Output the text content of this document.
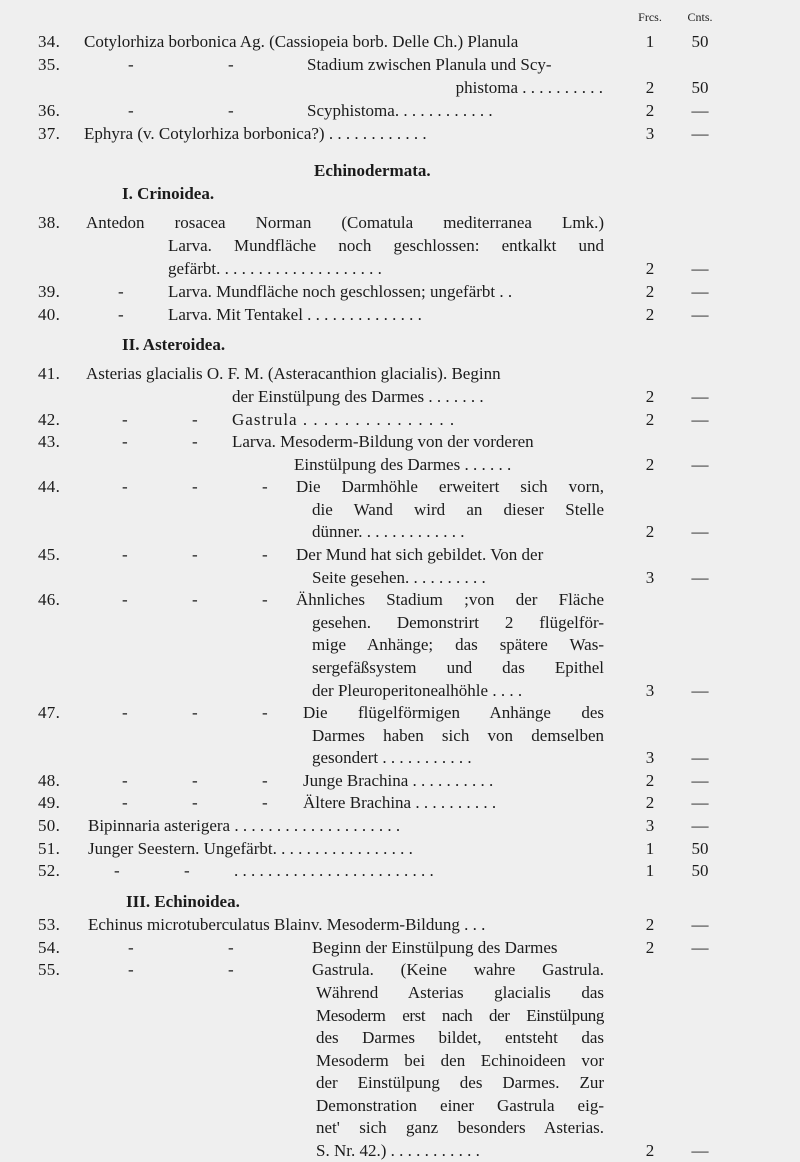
Frcs.	Cnts.
34. Cotylorhiza borbonica Ag. (Cassiopeia borb. Delle Ch.) Planula	1	50
35.	-	-	Stadium zwischen Planula und Scy-
phistoma . . . . . . . . . .	2	50
36.	-	-	Scyphistoma. . . . . . . . . . . .	2	—
37. Ephyra (v. Cotylorhiza borbonica?) . . . . . . . . . . . .	3	—
Echinodermata.
I. Crinoidea.
38. Antedon rosacea Norman (Comatula mediterranea Lmk.)
Larva. Mundfläche noch geschlossen: entkalkt und
gefärbt. . . . . . . . . . . . . . . . . . . .	2	—
39.	-	Larva. Mundfläche noch geschlossen; ungefärbt . .	2	—
40.	-	Larva. Mit Tentakel . . . . . . . . . . . . . .	2	—
II. Asteroidea.
41. Asterias glacialis O. F. M. (Asteracanthion glacialis). Beginn
der Einstülpung des Darmes . . . . . . .	2	—
42.	-	- Gastrula . . . . . . . . . . . . . . .	2	—
43.	-	- Larva. Mesoderm-Bildung von der vorderen
Einstülpung des Darmes . . . . . .	2	—
44.	-	-	- Die Darmhöhle erweitert sich vorn,
die Wand wird an dieser Stelle
dünner. . . . . . . . . . . . .	2	—
45.	-	-	- Der Mund hat sich gebildet. Von der
Seite gesehen. . . . . . . . . .	3	—
46.	-	-	- Ähnliches Stadium ;von der Fläche
gesehen. Demonstrirt 2 flügelför-
mige Anhänge; das spätere Was-
sergefäßsystem und das Epithel
der Pleuroperitonealhöhle . . . .	3	—
47.	-	-	- Die flügelförmigen Anhänge des
Darmes haben sich von demselben
gesondert . . . . . . . . . . .	3	—
48.	-	-	- Junge Brachina . . . . . . . . . .	2	—
49.	-	-	- Ältere Brachina . . . . . . . . . .	2	—
50. Bipinnaria asterigera . . . . . . . . . . . . . . . . . . . .	3	—
51. Junger Seestern. Ungefärbt. . . . . . . . . . . . . . . . .	1	50
52.	-	-	. . . . . . . . . . . . . . . . . . . . . . . .	1	50
III. Echinoidea.
53. Echinus microtuberculatus Blainv. Mesoderm-Bildung . . .	2	—
54.	-	-	Beginn der Einstülpung des Darmes	2	—
55.	-	-	Gastrula. (Keine wahre Gastrula.
Während Asterias glacialis das
Mesoderm erst nach der Einstülpung
des Darmes bildet, entsteht das
Mesoderm bei den Echinoideen vor
der Einstülpung des Darmes. Zur
Demonstration einer Gastrula eig-
net' sich ganz besonders Asterias.
S. Nr. 42.) . . . . . . . . . . .	2	—
